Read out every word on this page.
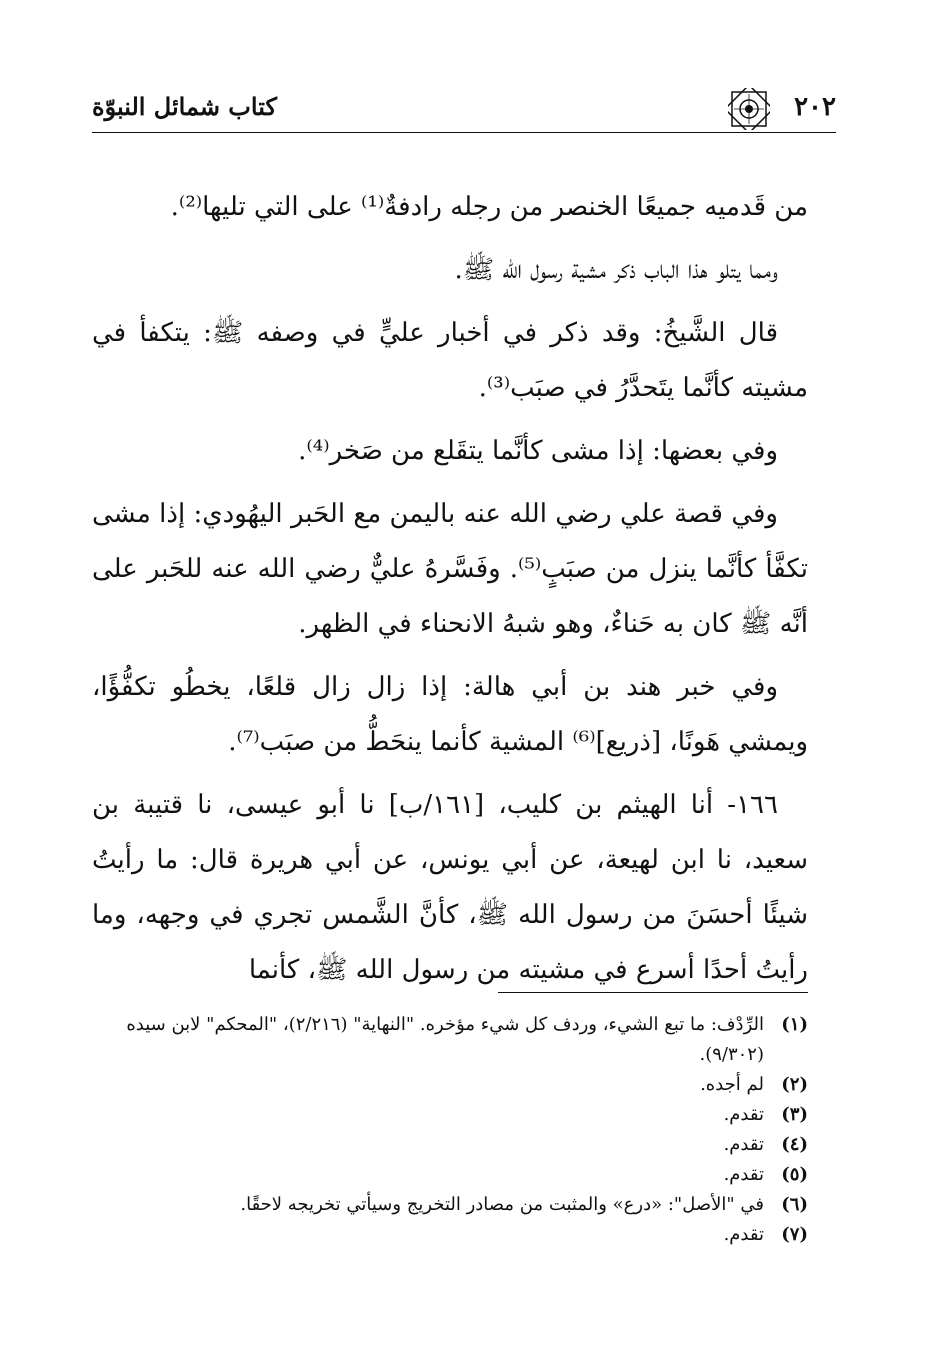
٢٠٢
كتاب شمائل النبوّة

من قَدميه جميعًا الخنصر من رجله رادفةٌ⁽¹⁾ على التي تليها⁽²⁾.

ومما يتلو هذا الباب ذكر مشية رسول الله ﷺ.

قال الشَّيخُ: وقد ذكر في أخبار عليٍّ في وصفه ﷺ: يتكفأ في مشيته كأنَّما يتَحدَّرُ في صبَب⁽³⁾.

وفي بعضها: إذا مشى كأنَّما يتقَلع من صَخر⁽⁴⁾.

وفي قصة علي رضي الله عنه باليمن مع الحَبر اليهُودي: إذا مشى تكفَّأ كأنَّما ينزل من صبَبٍ⁽⁵⁾. وفَسَّرهُ عليٌّ رضي الله عنه للحَبر على أنَّه ﷺ كان به حَناءٌ، وهو شبهُ الانحناء في الظهر.

وفي خبر هند بن أبي هالة: إذا زال زال قلعًا، يخطُو تكفُّؤًا، ويمشي هَونًا، [ذريع]⁽⁶⁾ المشية كأنما ينحَطُّ من صبَب⁽⁷⁾.

١٦٦- أنا الهيثم بن كليب، [١٦١/ب] نا أبو عيسى، نا قتيبة بن سعيد، نا ابن لهيعة، عن أبي يونس، عن أبي هريرة قال: ما رأيتُ شيئًا أحسَنَ من رسول الله ﷺ، كأنَّ الشَّمس تجري في وجهه، وما رأيتُ أحدًا أسرع في مشيته من رسول الله ﷺ، كأنما

(١)
الرِّدْف: ما تبع الشيء، وردف كل شيء مؤخره. "النهاية" (٢/٢١٦)، "المحكم" لابن سيده (٩/٣٠٢).
(٢)
لم أجده.
(٣)
تقدم.
(٤)
تقدم.
(٥)
تقدم.
(٦)
في "الأصل": «درع» والمثبت من مصادر التخريج وسيأتي تخريجه لاحقًا.
(٧)
تقدم.
